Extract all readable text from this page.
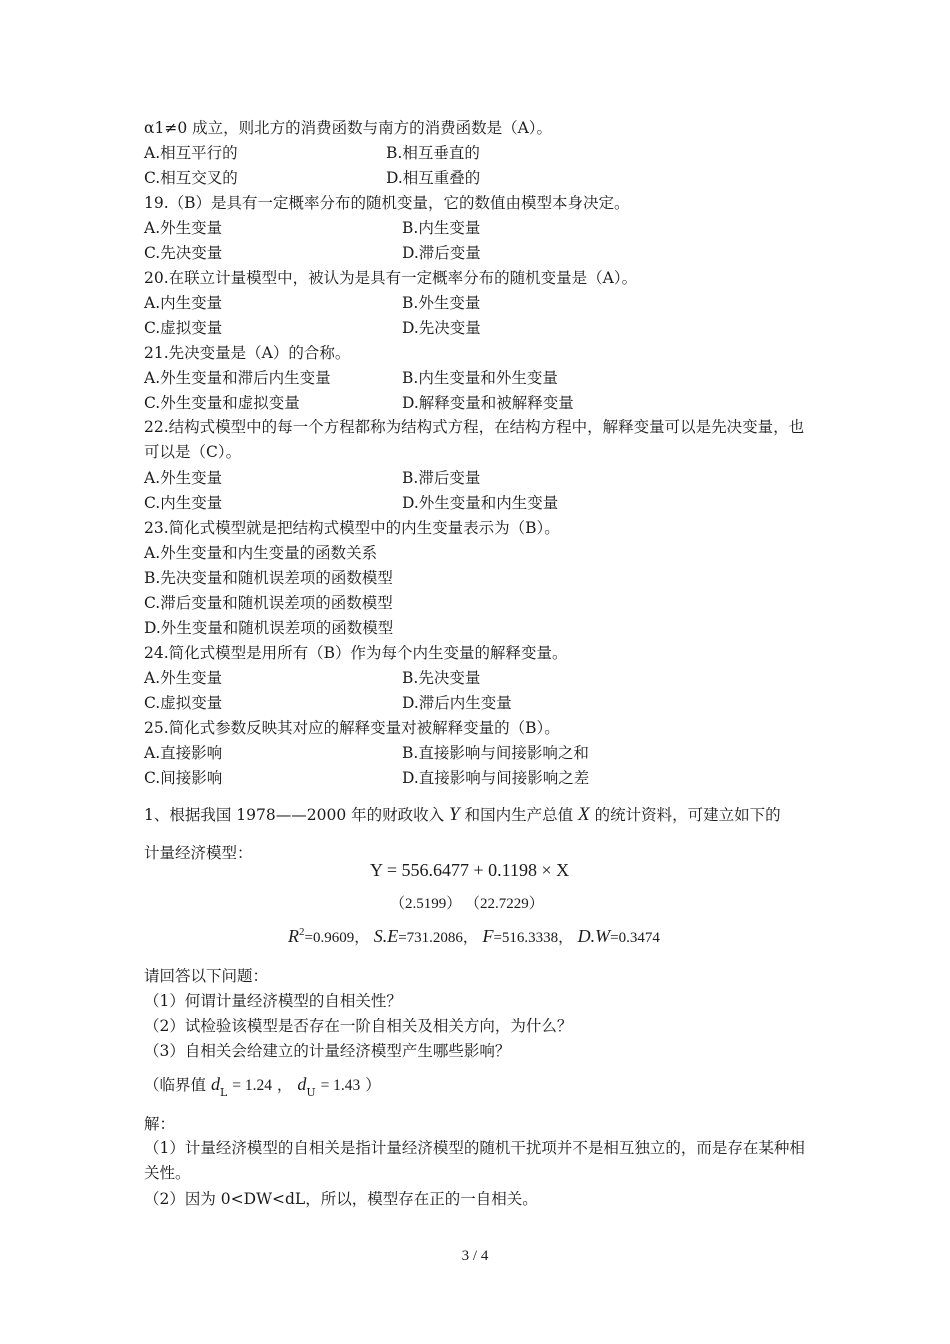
α1≠0 成立，则北方的消费函数与南方的消费函数是（A）。
A.相互平行的	B.相互垂直的
C.相互交叉的	D.相互重叠的
19.（B）是具有一定概率分布的随机变量，它的数值由模型本身决定。
A.外生变量	B.内生变量
C.先决变量	D.滞后变量
20.在联立计量模型中，被认为是具有一定概率分布的随机变量是（A）。
A.内生变量	B.外生变量
C.虚拟变量	D.先决变量
21.先决变量是（A）的合称。
A.外生变量和滞后内生变量	B.内生变量和外生变量
C.外生变量和虚拟变量	D.解释变量和被解释变量
22.结构式模型中的每一个方程都称为结构式方程，在结构方程中，解释变量可以是先决变量，也可以是（C）。
A.外生变量	B.滞后变量
C.内生变量	D.外生变量和内生变量
23.简化式模型就是把结构式模型中的内生变量表示为（B）。
A.外生变量和内生变量的函数关系
B.先决变量和随机误差项的函数模型
C.滞后变量和随机误差项的函数模型
D.外生变量和随机误差项的函数模型
24.简化式模型是用所有（B）作为每个内生变量的解释变量。
A.外生变量	B.先决变量
C.虚拟变量	D.滞后内生变量
25.简化式参数反映其对应的解释变量对被解释变量的（B）。
A.直接影响	B.直接影响与间接影响之和
C.间接影响	D.直接影响与间接影响之差
1、根据我国 1978——2000 年的财政收入 Y 和国内生产总值 X 的统计资料，可建立如下的
计量经济模型：
Y = 556.6477 + 0.1198 × X
（2.5199） （22.7229）
$R^2=0.9609$， S.E=731.2086， F=516.3338， D.W=0.3474
请回答以下问题：
（1）何谓计量经济模型的自相关性？
（2）试检验该模型是否存在一阶自相关及相关方向，为什么？
（3）自相关会给建立的计量经济模型产生哪些影响？
（临界值 $d_L = 1.24$ ， $d_U = 1.43$ ）
解：
（1）计量经济模型的自相关是指计量经济模型的随机干扰项并不是相互独立的，而是存在某种相关性。
（2）因为 0<DW<dL，所以，模型存在正的一自相关。
3 / 4
